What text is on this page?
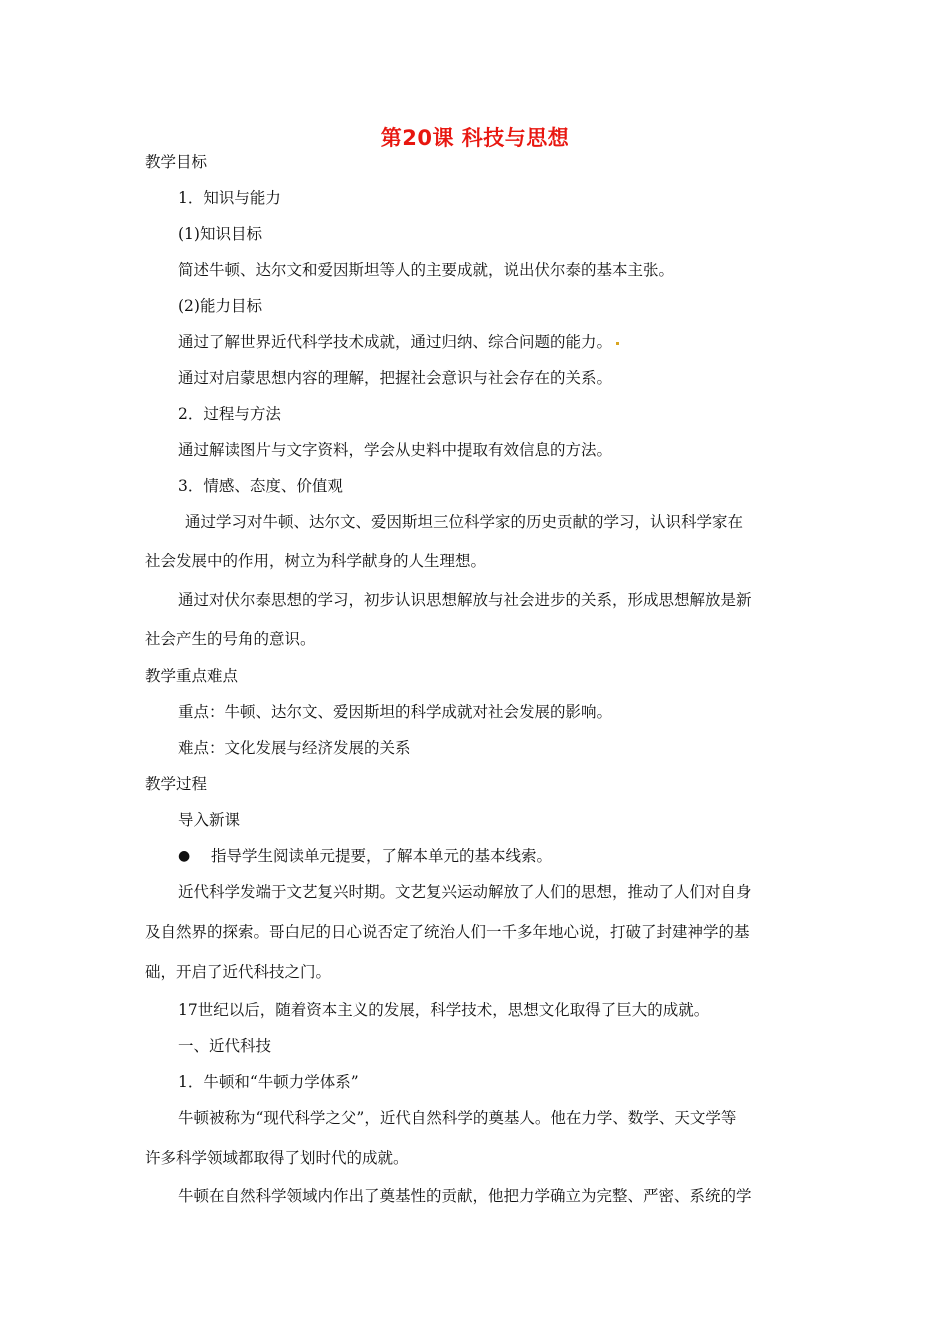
第20课 科技与思想
教学目标
1．知识与能力
(1)知识目标
简述牛顿、达尔文和爱因斯坦等人的主要成就，说出伏尔泰的基本主张。
(2)能力目标
通过了解世界近代科学技术成就，通过归纳、综合问题的能力。
通过对启蒙思想内容的理解，把握社会意识与社会存在的关系。
2．过程与方法
通过解读图片与文字资料，学会从史料中提取有效信息的方法。
3．情感、态度、价值观
通过学习对牛顿、达尔文、爱因斯坦三位科学家的历史贡献的学习，认识科学家在
社会发展中的作用，树立为科学献身的人生理想。
通过对伏尔泰思想的学习，初步认识思想解放与社会进步的关系，形成思想解放是新
社会产生的号角的意识。
教学重点难点
重点：牛顿、达尔文、爱因斯坦的科学成就对社会发展的影响。
难点：文化发展与经济发展的关系
教学过程
导入新课
● 指导学生阅读单元提要，了解本单元的基本线索。
近代科学发端于文艺复兴时期。文艺复兴运动解放了人们的思想，推动了人们对自身
及自然界的探索。哥白尼的日心说否定了统治人们一千多年地心说，打破了封建神学的基
础，开启了近代科技之门。
17世纪以后，随着资本主义的发展，科学技术，思想文化取得了巨大的成就。
一、近代科技
1．牛顿和“牛顿力学体系”
牛顿被称为“现代科学之父”，近代自然科学的奠基人。他在力学、数学、天文学等
许多科学领域都取得了划时代的成就。
牛顿在自然科学领域内作出了奠基性的贡献，他把力学确立为完整、严密、系统的学
